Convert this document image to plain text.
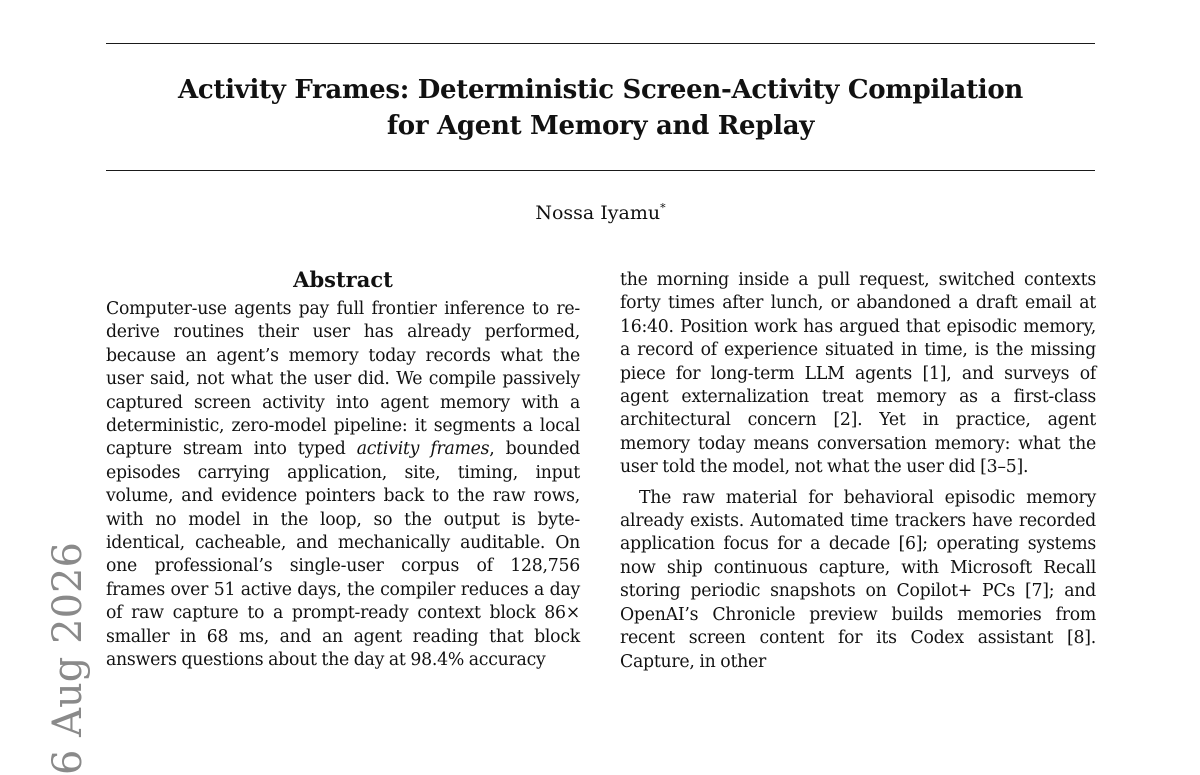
Activity Frames: Deterministic Screen-Activity Compilation
for Agent Memory and Replay
Nossa Iyamu*
Abstract

Computer-use agents pay full frontier inference to re-derive routines their user has already performed, because an agent’s memory today records what the user said, not what the user did. We compile passively captured screen activity into agent memory with a deterministic, zero-model pipeline: it segments a local capture stream into typed activity frames, bounded episodes carrying application, site, timing, input volume, and evidence pointers back to the raw rows, with no model in the loop, so the output is byte-identical, cacheable, and mechanically auditable. On one professional’s single-user corpus of 128,756 frames over 51 active days, the compiler reduces a day of raw capture to a prompt-ready context block 86× smaller in 68 ms, and an agent reading that block answers questions about the day at 98.4% accuracy

the morning inside a pull request, switched contexts forty times after lunch, or abandoned a draft email at 16:40. Position work has argued that episodic memory, a record of experience situated in time, is the missing piece for long-term LLM agents [1], and surveys of agent externalization treat memory as a first-class architectural concern [2]. Yet in practice, agent memory today means conversation memory: what the user told the model, not what the user did [3–5].

The raw material for behavioral episodic memory already exists. Automated time trackers have recorded application focus for a decade [6]; operating systems now ship continuous capture, with Microsoft Recall storing periodic snapshots on Copilot+ PCs [7]; and OpenAI’s Chronicle preview builds memories from recent screen content for its Codex assistant [8]. Capture, in other

6 Aug 2026
